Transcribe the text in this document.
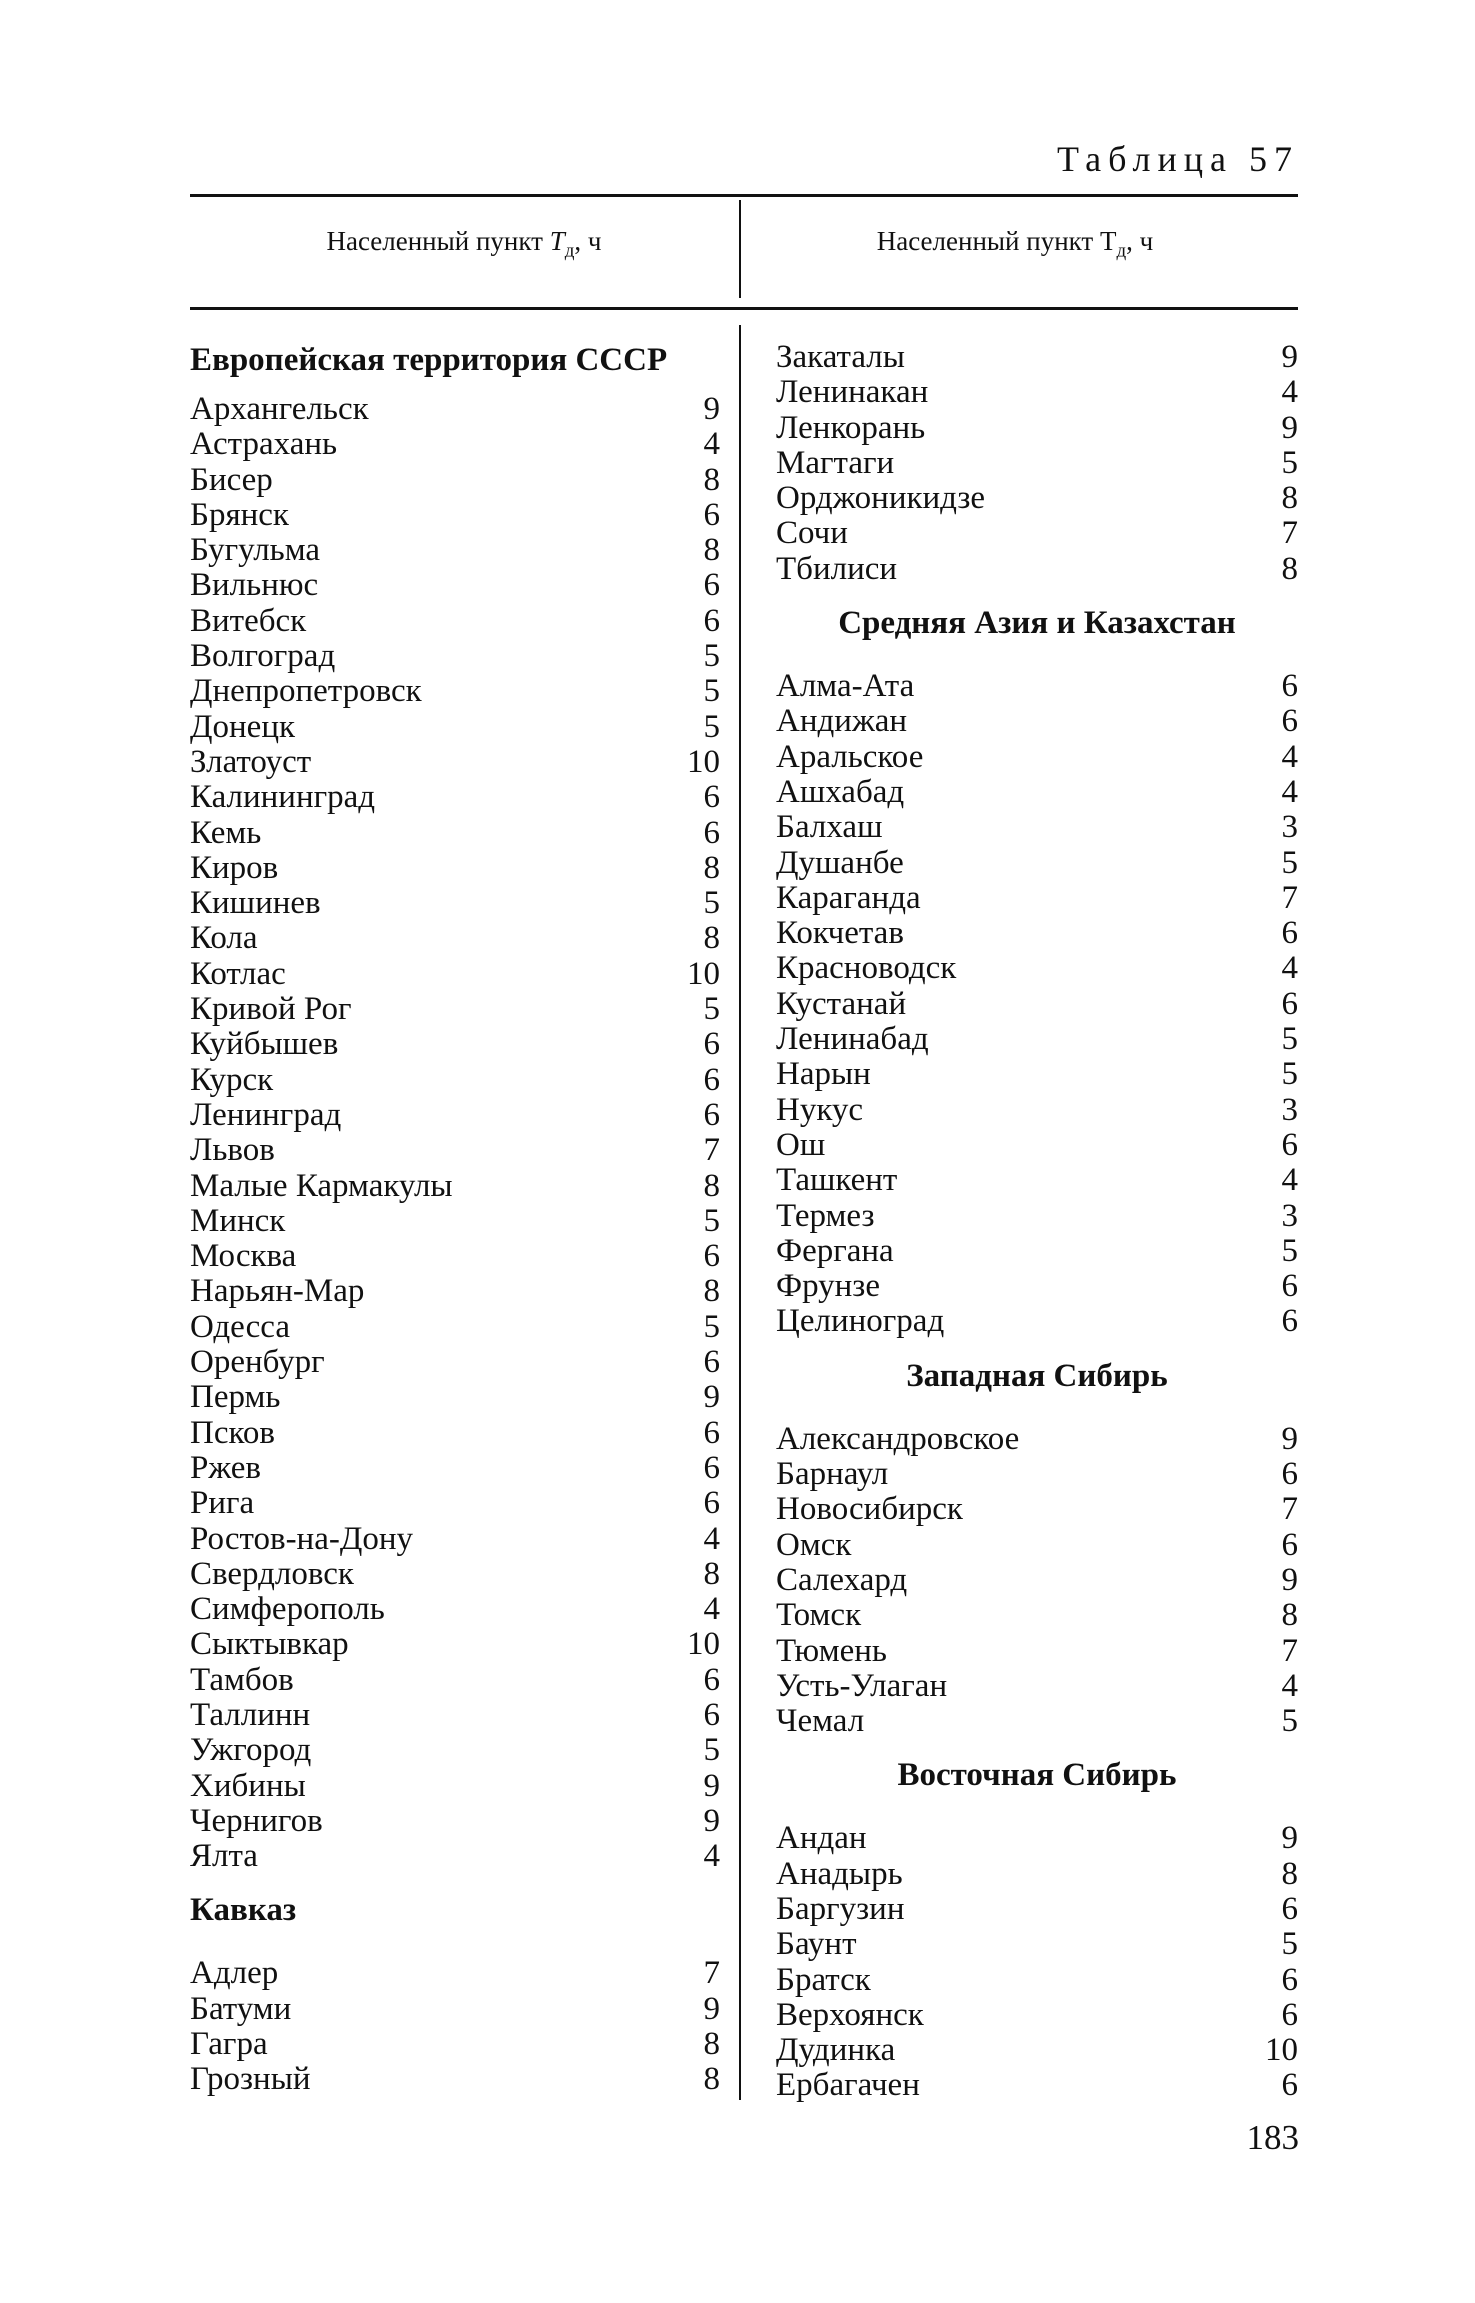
Таблица 57
Населенный пункт $T_д$, ч	Населенный пункт $T_д$, ч
Европейская территория СССР
Архангельск	9
Астрахань	4
Бисер	8
Брянск	6
Бугульма	8
Вильнюс	6
Витебск	6
Волгоград	5
Днепропетровск	5
Донецк	5
Златоуст	10
Калининград	6
Кемь	6
Киров	8
Кишинев	5
Кола	8
Котлас	10
Кривой Рог	5
Куйбышев	6
Курск	6
Ленинград	6
Львов	7
Малые Кармакулы	8
Минск	5
Москва	6
Нарьян-Мар	8
Одесса	5
Оренбург	6
Пермь	9
Псков	6
Ржев	6
Рига	6
Ростов-на-Дону	4
Свердловск	8
Симферополь	4
Сыктывкар	10
Тамбов	6
Таллинн	6
Ужгород	5
Хибины	9
Чернигов	9
Ялта	4
Кавказ
Адлер	7
Батуми	9
Гагра	8
Грозный	8
Закаталы	9
Ленинакан	4
Ленкорань	9
Магтаги	5
Орджоникидзе	8
Сочи	7
Тбилиси	8
Средняя Азия и Казахстан
Алма-Ата	6
Андижан	6
Аральское	4
Ашхабад	4
Балхаш	3
Душанбе	5
Караганда	7
Кокчетав	6
Красноводск	4
Кустанай	6
Ленинабад	5
Нарын	5
Нукус	3
Ош	6
Ташкент	4
Термез	3
Фергана	5
Фрунзе	6
Целиноград	6
Западная Сибирь
Александровское	9
Барнаул	6
Новосибирск	7
Омск	6
Салехард	9
Томск	8
Тюмень	7
Усть-Улаган	4
Чемал	5
Восточная Сибирь
Андан	9
Анадырь	8
Баргузин	6
Баунт	5
Братск	6
Верхоянск	6
Дудинка	10
Ербагачен	6
183
